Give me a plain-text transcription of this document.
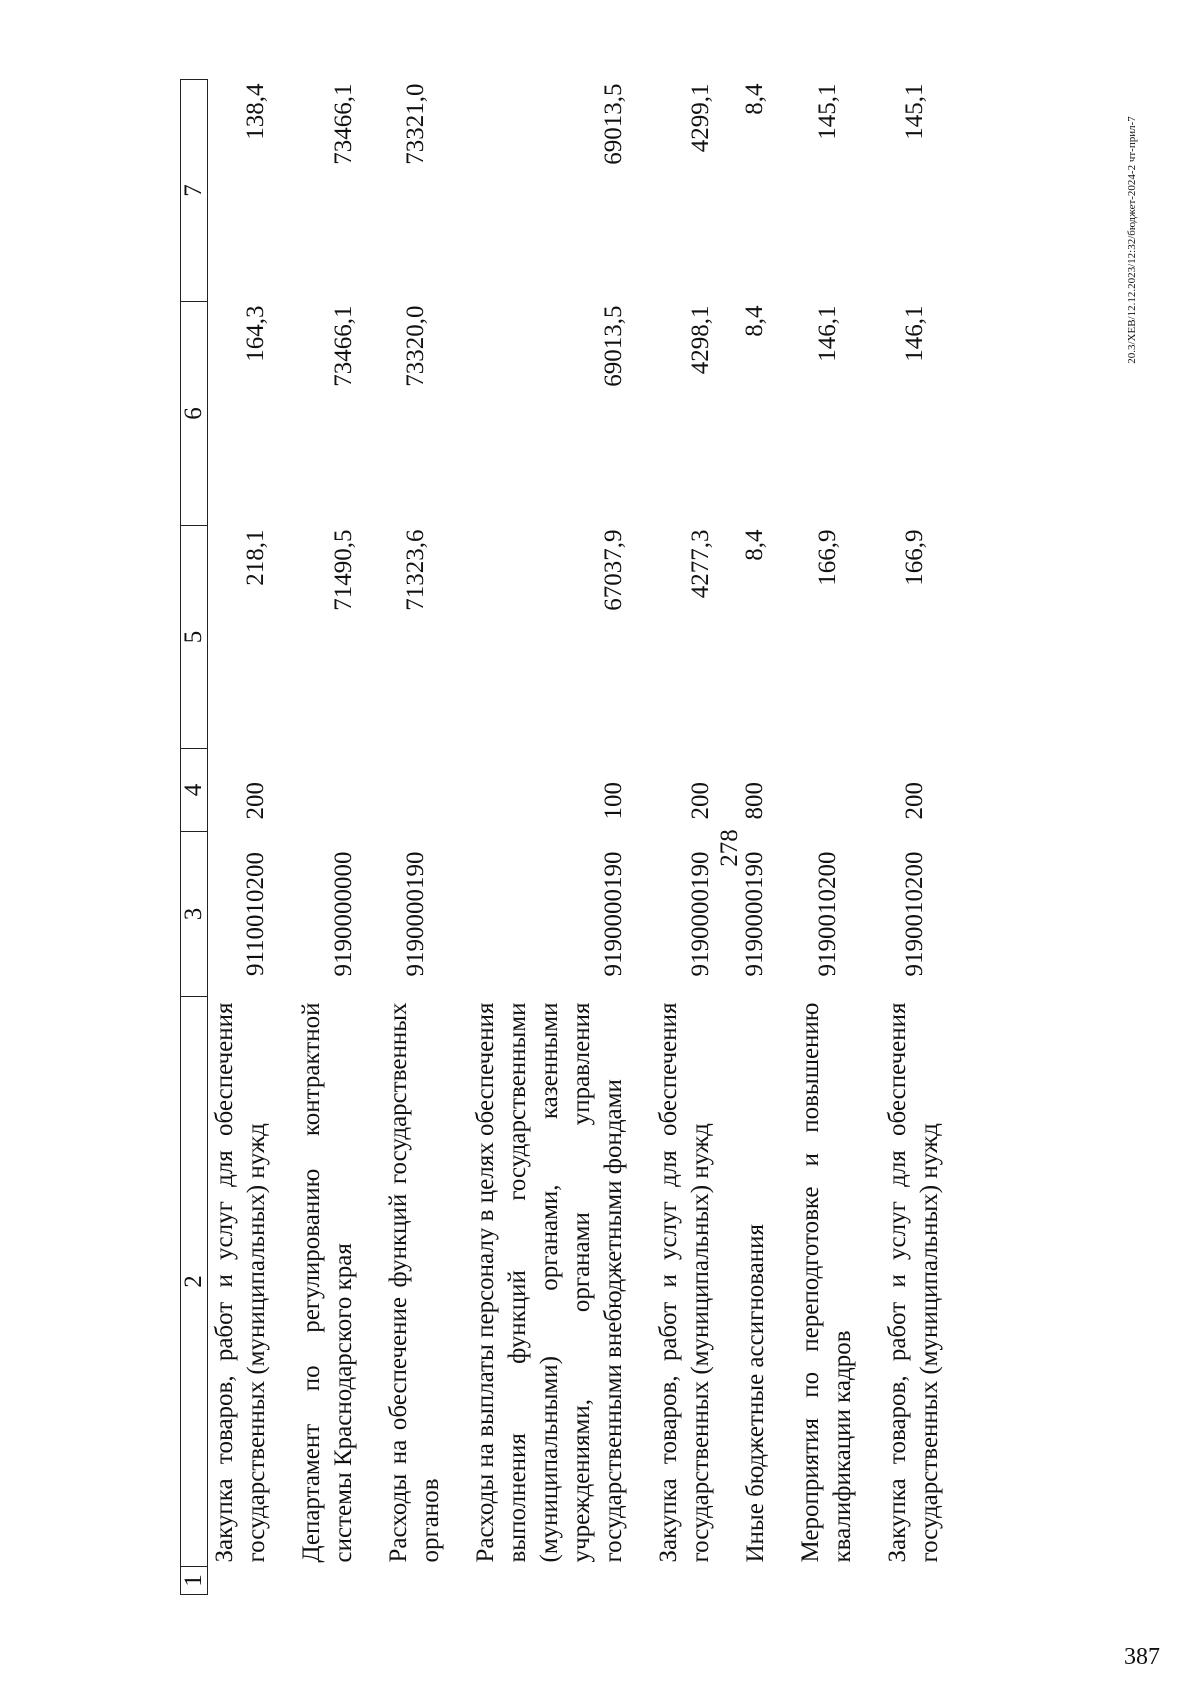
278
20.3/XEB/12.12.2023/12:32/бюджет-2024-2 чт-прил-7
387
1	2	3	4	5	6	7
	Закупка товаров, работ и услуг для обеспечения государственных (муниципальных) нужд	9110010200	200	218,1	164,3	138,4

	Департамент по регулированию контрактной системы Краснодарского края	9190000000		71490,5	73466,1	73466,1

	Расходы на обеспечение функций государственных органов	9190000190		71323,6	73320,0	73321,0

	Расходы на выплаты персоналу в целях обеспечения выполнения функций государственными (муниципальными) органами, казенными учреждениями, органами управления государственными внебюджетными фондами	9190000190	100	67037,9	69013,5	69013,5

	Закупка товаров, работ и услуг для обеспечения государственных (муниципальных) нужд	9190000190	200	4277,3	4298,1	4299,1

	Иные бюджетные ассигнования	9190000190	800	8,4	8,4	8,4

	Мероприятия по переподготовке и повышению квалификации кадров	9190010200		166,9	146,1	145,1

	Закупка товаров, работ и услуг для обеспечения государственных (муниципальных) нужд	9190010200	200	166,9	146,1	145,1
